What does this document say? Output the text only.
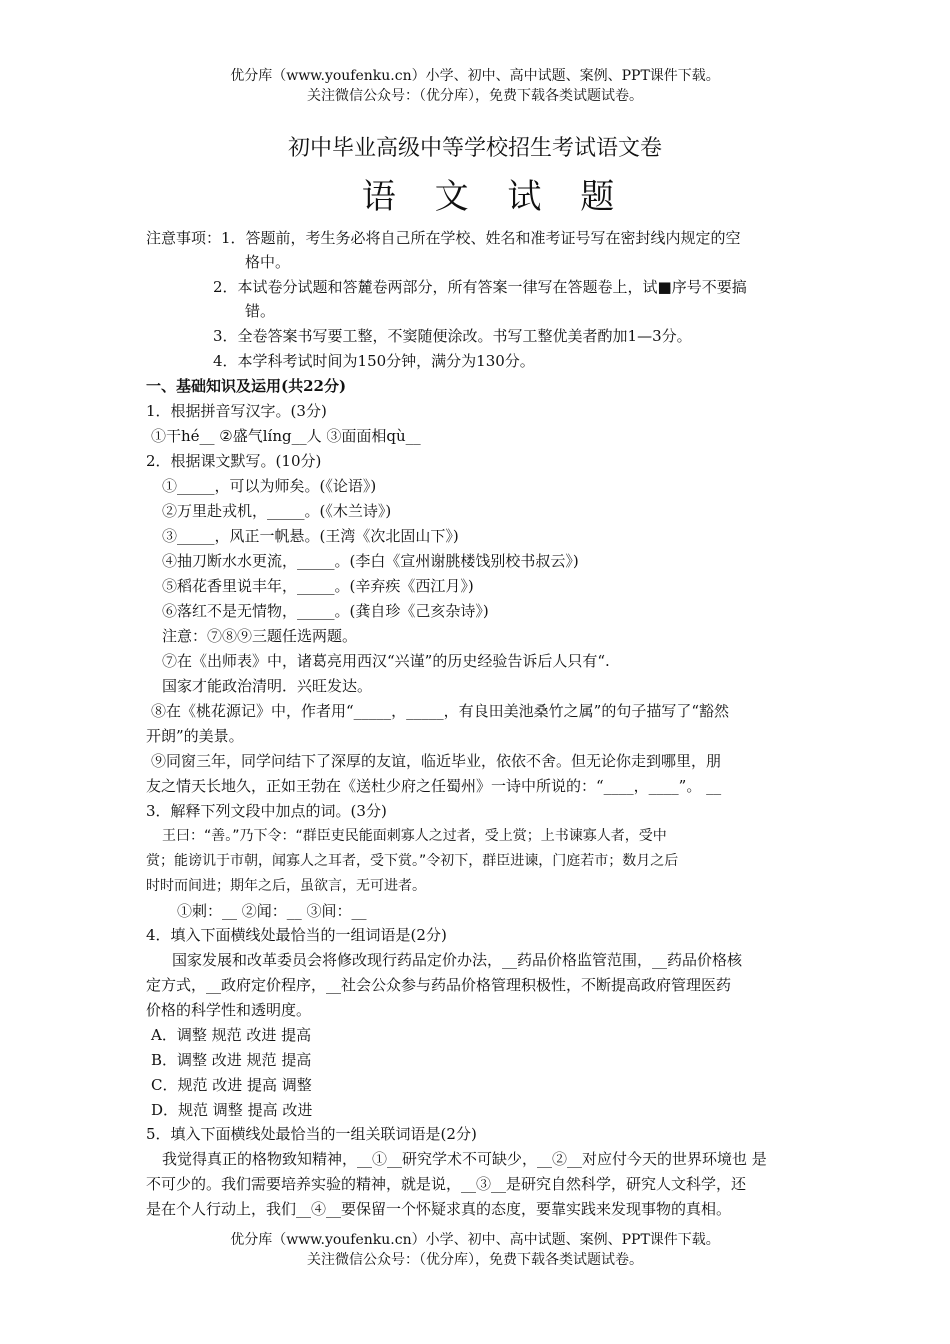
优分库（www.youfenku.cn）小学、初中、高中试题、案例、PPT课件下载。
关注微信公众号：（优分库），免费下载各类试题试卷。
初中毕业高级中等学校招生考试语文卷
语 文 试 题
注意事项：1．答题前，考生务必将自己所在学校、姓名和准考证号写在密封线内规定的空
格中。
2．本试卷分试题和答麓卷两部分，所有答案一律写在答题卷上，试■序号不要搞
错。
3．全卷答案书写要工整，不窦随便涂改。书写工整优美者酌加1—3分。
4．本学科考试时间为150分钟，满分为130分。
一、基础知识及运用(共22分)
1．根据拼音写汉字。(3分)
①干hé__ ②盛气líng__人 ③面面相qù__
2．根据课文默写。(10分)
①_____，可以为师矣。(《论语》)
②万里赴戎机，_____。(《木兰诗》)
③_____，风正一帆悬。(王湾《次北固山下》)
④抽刀断水水更流，_____。(李白《宣州谢朓楼饯别校书叔云》)
⑤稻花香里说丰年，_____。(辛弃疾《西江月》)
⑥落红不是无情物，_____。(龚自珍《己亥杂诗》)
注意：⑦⑧⑨三题任选两题。
⑦在《出师表》中，诸葛亮用西汉“兴谨”的历史经验告诉后人只有“.
国家才能政治清明．兴旺发达。
⑧在《桃花源记》中，作者用“_____，_____，有良田美池桑竹之属”的句子描写了“豁然
开朗”的美景。
⑨同窗三年，同学问结下了深厚的友谊，临近毕业，依依不舍。但无论你走到哪里，朋
友之情天长地久，正如王勃在《送杜少府之任蜀州》一诗中所说的：“____，____”。 __
3．解释下列文段中加点的词。(3分)
王曰：“善。”乃下令：“群臣吏民能面刺寡人之过者，受上赏；上书谏寡人者，受中
赏；能谤讥于市朝，闻寡人之耳者，受下赏。”令初下，群臣进谏，门庭若市；数月之后
时时而间进；期年之后，虽欲言，无可进者。
①刺：__ ②闻：__ ③间：__
4．填入下面横线处最恰当的一组词语是(2分)
国家发展和改革委员会将修改现行药品定价办法，__药品价格监管范围，__药品价格核
定方式，__政府定价程序，__社会公众参与药品价格管理积极性，不断提高政府管理医药
价格的科学性和透明度。
A．调整 规范 改进 提高
B．调整 改进 规范 提高
C．规范 改进 提高 调整
D．规范 调整 提高 改进
5．填入下面横线处最恰当的一组关联词语是(2分)
我觉得真正的格物致知精神，__①__研究学术不可缺少，__②__对应付今天的世界环境也 是
不可少的。我们需要培养实验的精神，就是说，__③__是研究自然科学，研究人文科学，还
是在个人行动上，我们__④__要保留一个怀疑求真的态度，要靠实践来发现事物的真相。
优分库（www.youfenku.cn）小学、初中、高中试题、案例、PPT课件下载。
关注微信公众号：（优分库），免费下载各类试题试卷。
